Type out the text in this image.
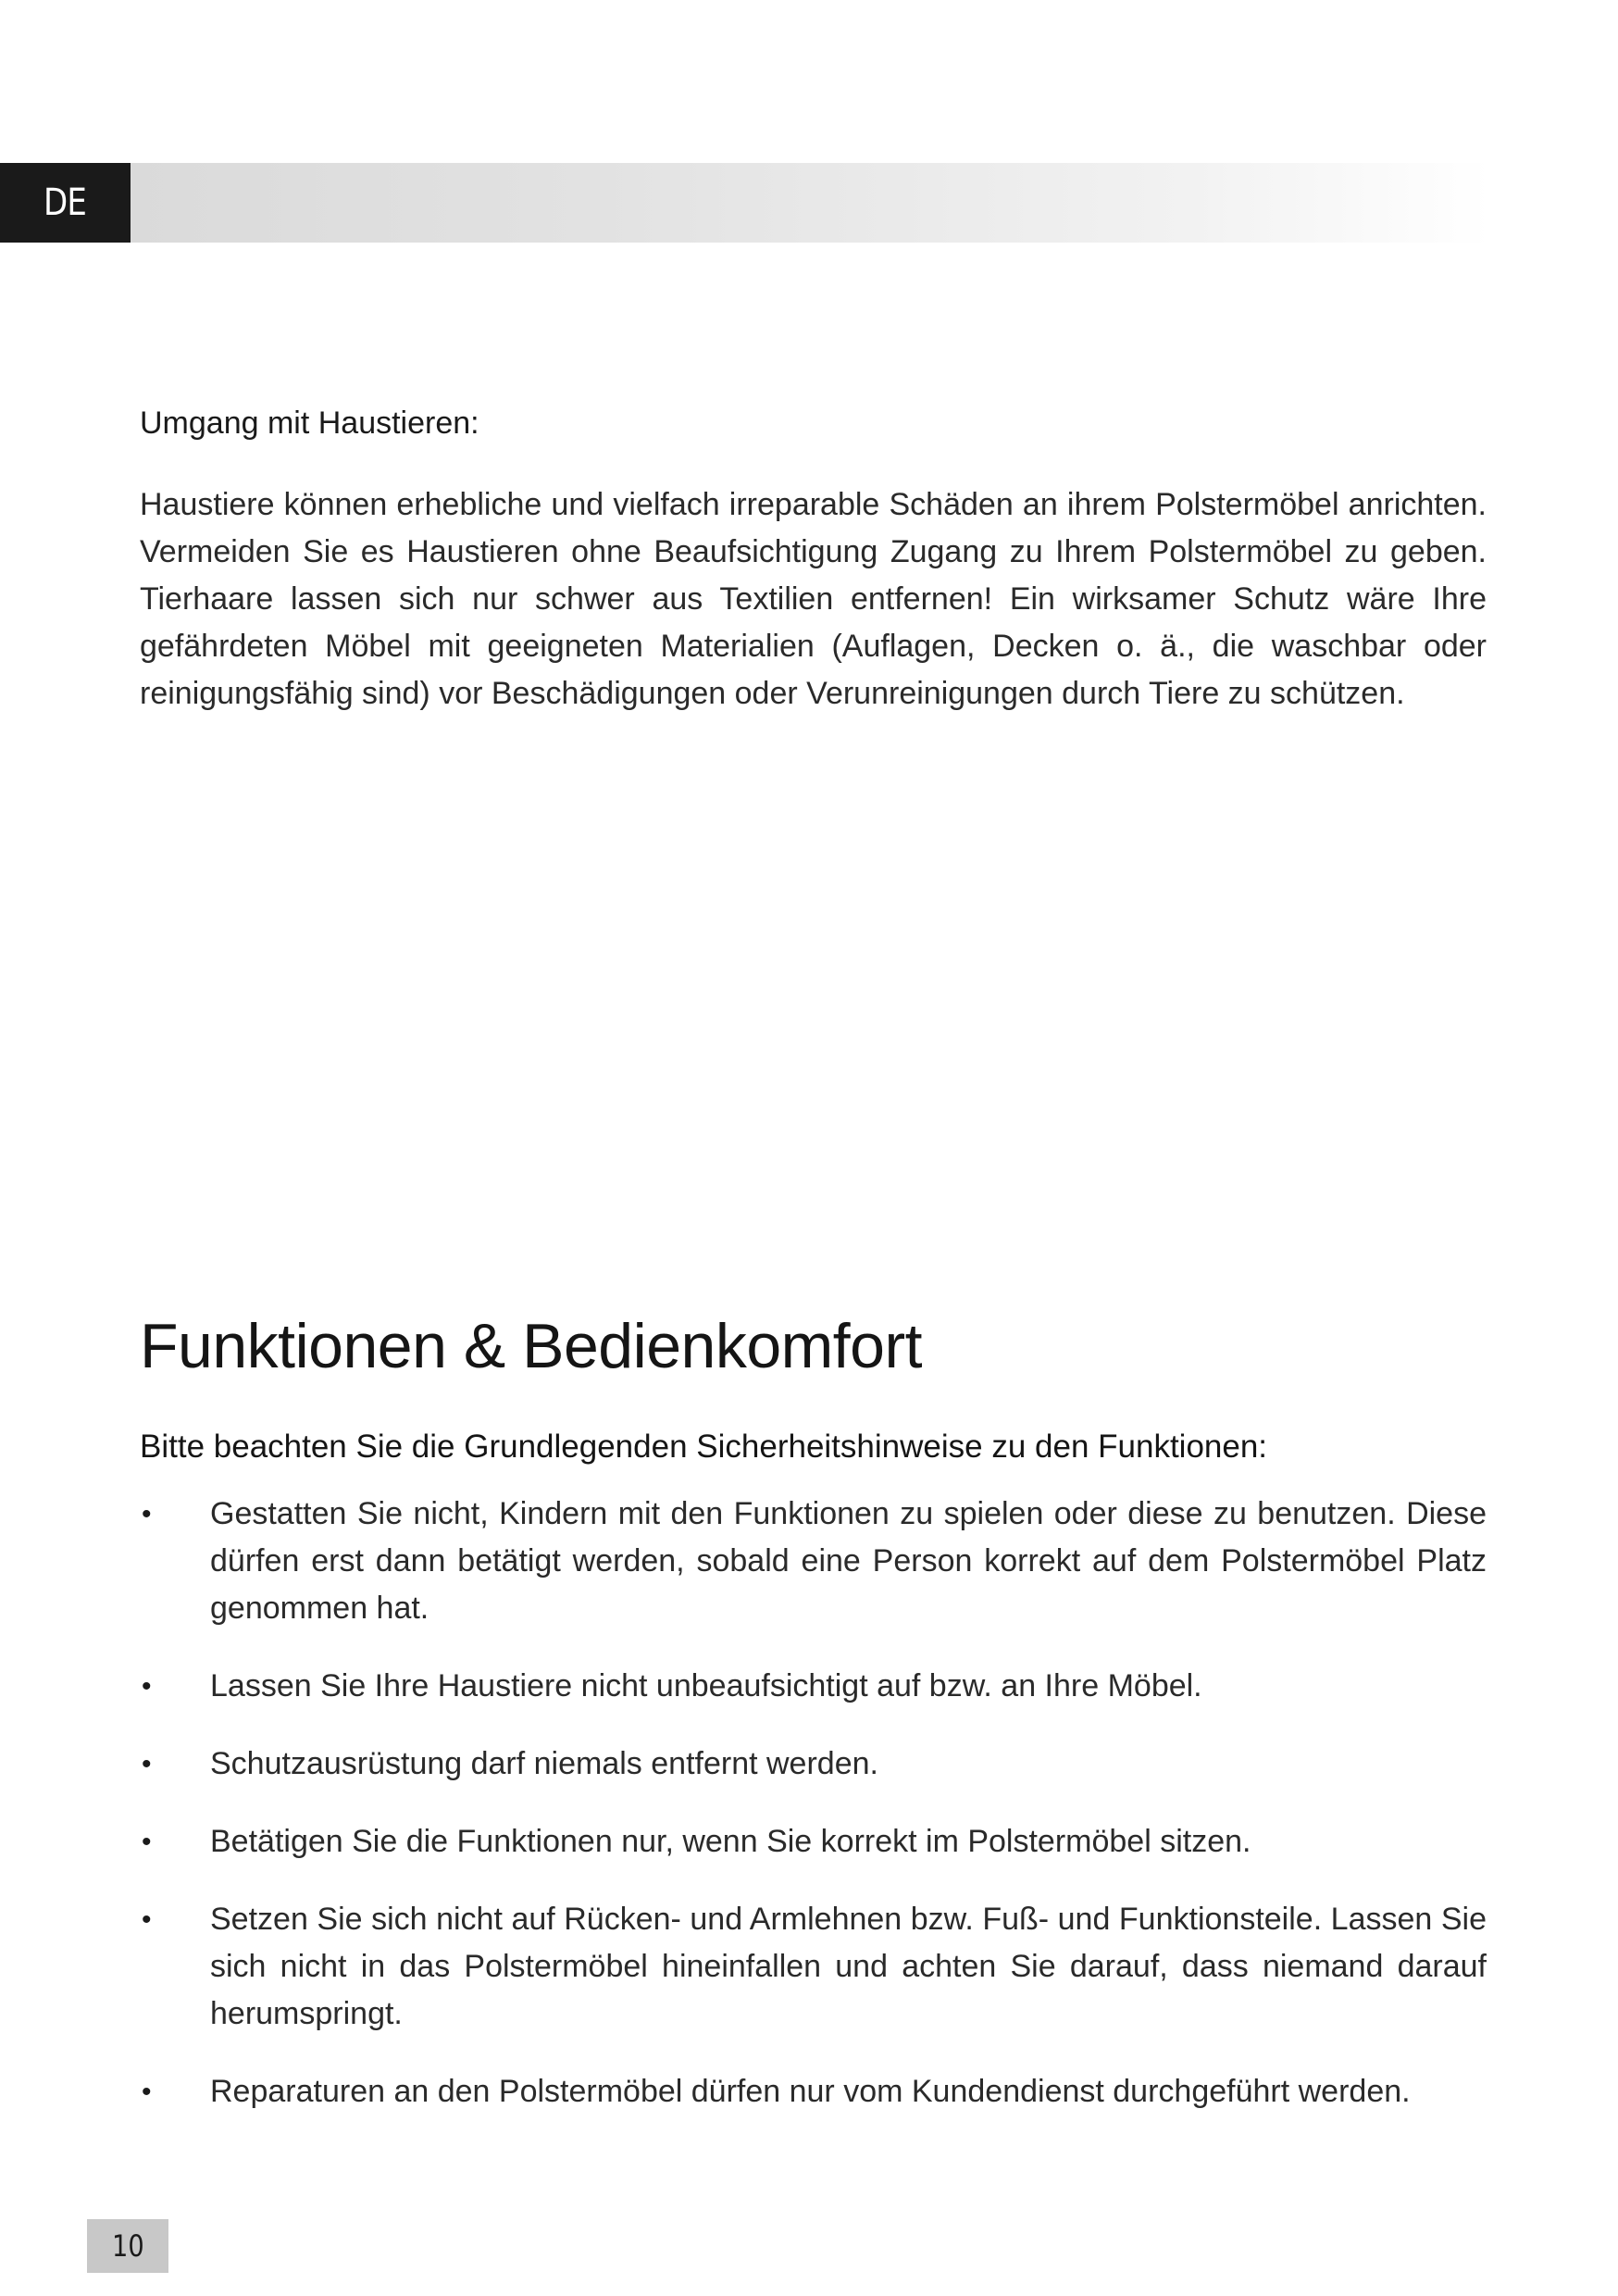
DE

Umgang mit Haustieren:

Haustiere können erhebliche und vielfach irreparable Schäden an ihrem Polstermöbel anrichten. Vermeiden Sie es Haustieren ohne Beaufsichtigung Zugang zu Ihrem Polstermöbel zu geben. Tierhaare lassen sich nur schwer aus Textilien entfernen! Ein wirksamer Schutz wäre Ihre gefährdeten Möbel mit geeigneten Materialien (Auflagen, Decken o. ä., die waschbar oder reinigungsfähig sind) vor Beschädigungen oder Verunreinigungen durch Tiere zu schützen.

Funktionen & Bedienkomfort

Bitte beachten Sie die Grundlegenden Sicherheitshinweise zu den Funktionen:

• Gestatten Sie nicht, Kindern mit den Funktionen zu spielen oder diese zu benutzen. Diese dürfen erst dann betätigt werden, sobald eine Person korrekt auf dem Polstermöbel Platz genommen hat.
• Lassen Sie Ihre Haustiere nicht unbeaufsichtigt auf bzw. an Ihre Möbel.
• Schutzausrüstung darf niemals entfernt werden.
• Betätigen Sie die Funktionen nur, wenn Sie korrekt im Polstermöbel sitzen.
• Setzen Sie sich nicht auf Rücken- und Armlehnen bzw. Fuß- und Funktionsteile. Lassen Sie sich nicht in das Polstermöbel hineinfallen und achten Sie darauf, dass niemand darauf herumspringt.
• Reparaturen an den Polstermöbel dürfen nur vom Kundendienst durchgeführt werden.
10
